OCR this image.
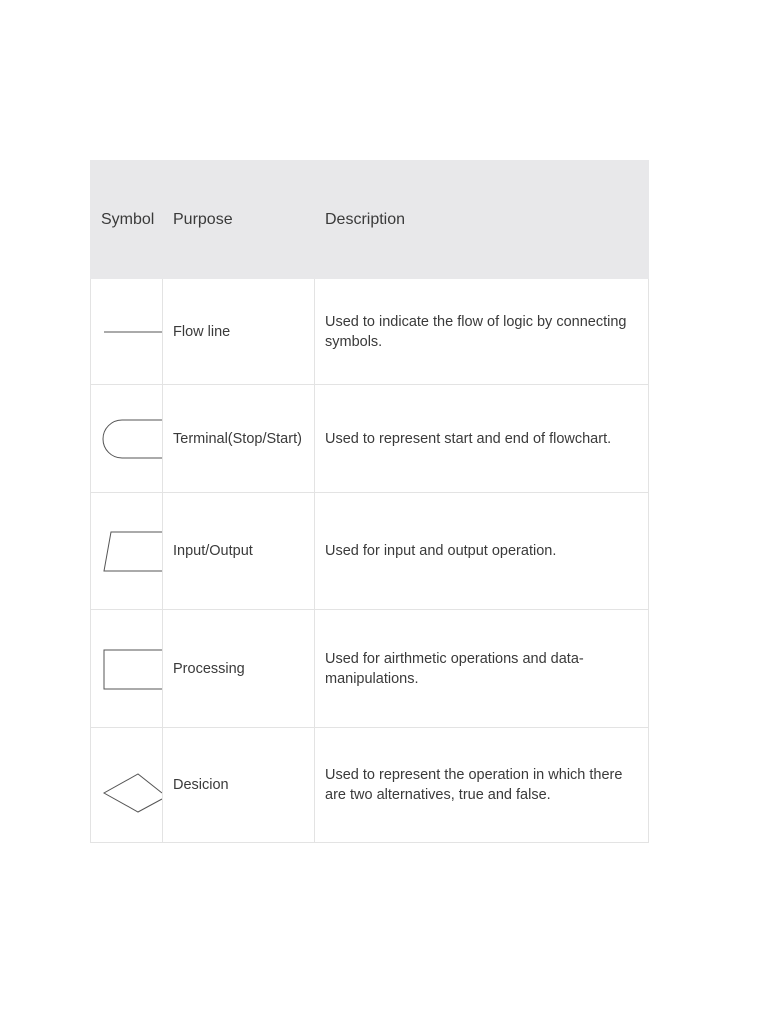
Symbol	Purpose	Description

	Flow line	Used to indicate the flow of logic by connecting symbols.

	Terminal(Stop/Start)	Used to represent start and end of flowchart.

	Input/Output	Used for input and output operation.

	Processing	Used for airthmetic operations and data-manipulations.

	Desicion	Used to represent the operation in which there are two alternatives, true and false.
